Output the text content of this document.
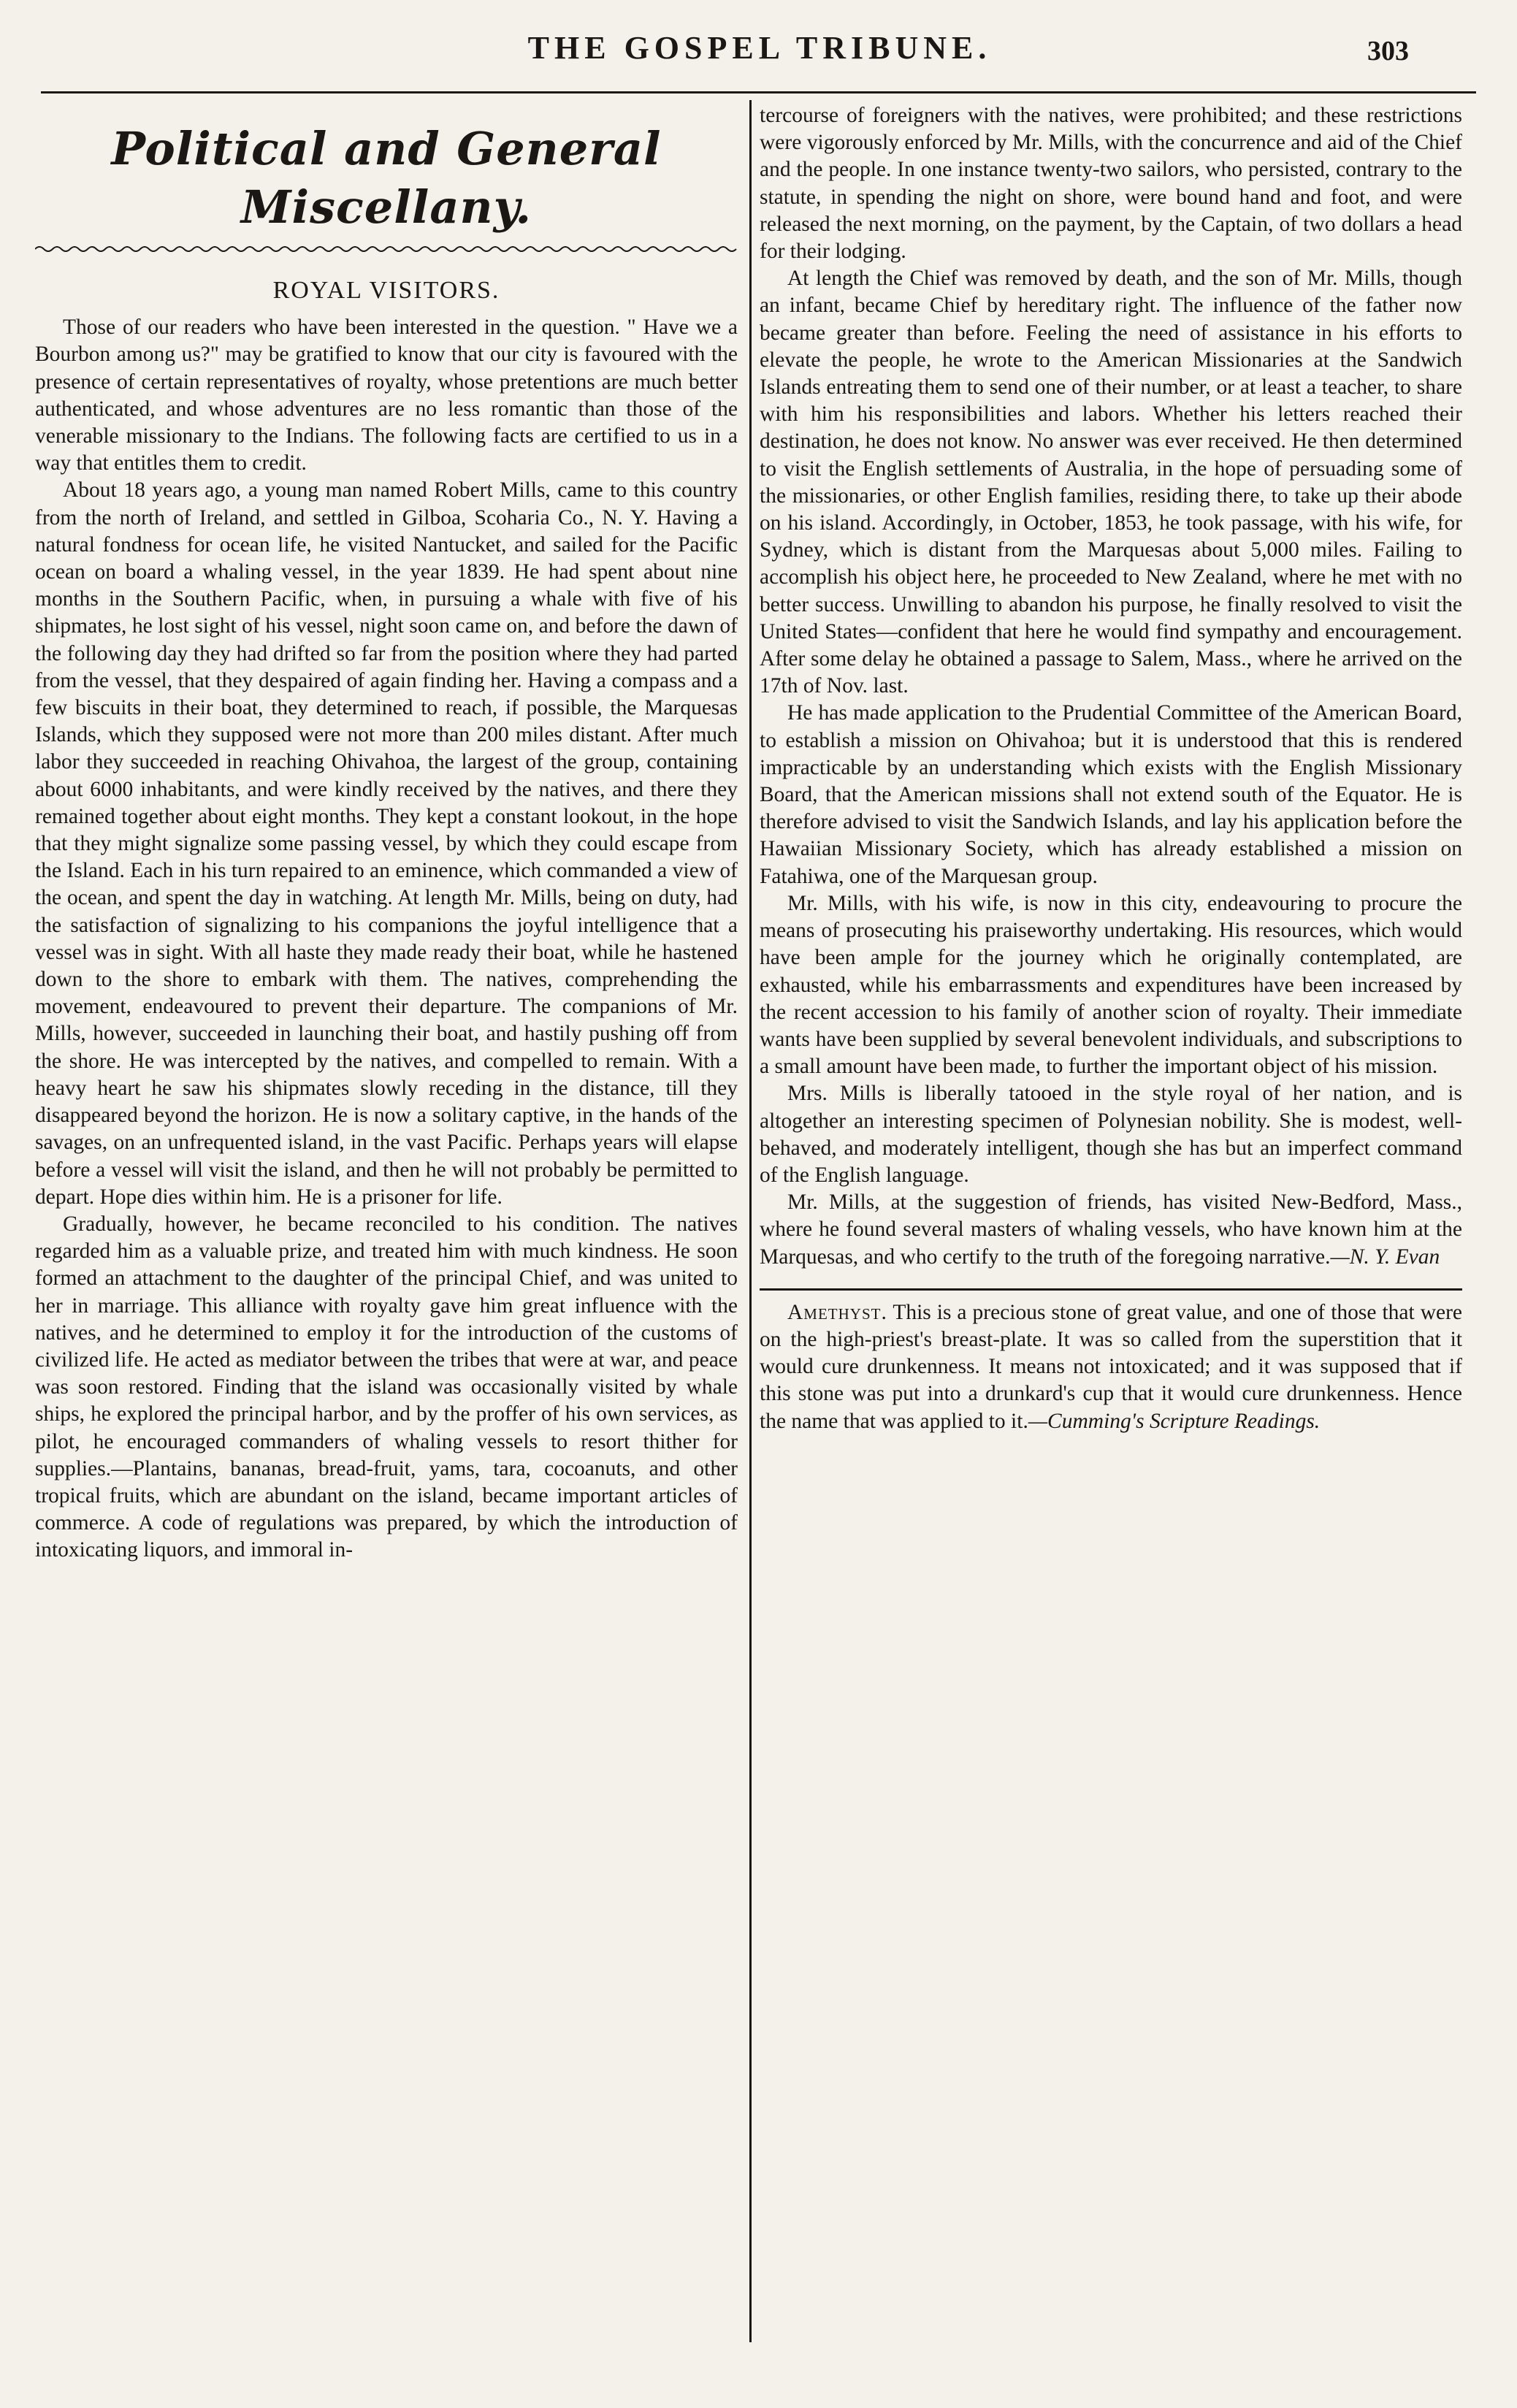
THE GOSPEL TRIBUNE.	303
Political and General Miscellany.
ROYAL VISITORS.

Those of our readers who have been interested in the question. " Have we a Bourbon among us?" may be gratified to know that our city is favoured with the presence of certain representatives of royalty, whose pretentions are much better authenticated, and whose adventures are no less romantic than those of the venerable missionary to the Indians. The following facts are certified to us in a way that entitles them to credit.

About 18 years ago, a young man named Robert Mills, came to this country from the north of Ireland, and settled in Gilboa, Scoharia Co., N. Y. Having a natural fondness for ocean life, he visited Nantucket, and sailed for the Pacific ocean on board a whaling vessel, in the year 1839. He had spent about nine months in the Southern Pacific, when, in pursuing a whale with five of his shipmates, he lost sight of his vessel, night soon came on, and before the dawn of the following day they had drifted so far from the position where they had parted from the vessel, that they despaired of again finding her. Having a compass and a few biscuits in their boat, they determined to reach, if possible, the Marquesas Islands, which they supposed were not more than 200 miles distant. After much labor they succeeded in reaching Ohivahoa, the largest of the group, containing about 6000 inhabitants, and were kindly received by the natives, and there they remained together about eight months. They kept a constant lookout, in the hope that they might signalize some passing vessel, by which they could escape from the Island. Each in his turn repaired to an eminence, which commanded a view of the ocean, and spent the day in watching. At length Mr. Mills, being on duty, had the satisfaction of signalizing to his companions the joyful intelligence that a vessel was in sight. With all haste they made ready their boat, while he hastened down to the shore to embark with them. The natives, comprehending the movement, endeavoured to prevent their departure. The companions of Mr. Mills, however, succeeded in launching their boat, and hastily pushing off from the shore. He was intercepted by the natives, and compelled to remain. With a heavy heart he saw his shipmates slowly receding in the distance, till they disappeared beyond the horizon. He is now a solitary captive, in the hands of the savages, on an unfrequented island, in the vast Pacific. Perhaps years will elapse before a vessel will visit the island, and then he will not probably be permitted to depart. Hope dies within him. He is a prisoner for life.

Gradually, however, he became reconciled to his condition. The natives regarded him as a valuable prize, and treated him with much kindness. He soon formed an attachment to the daughter of the principal Chief, and was united to her in marriage. This alliance with royalty gave him great influence with the natives, and he determined to employ it for the introduction of the customs of civilized life. He acted as mediator between the tribes that were at war, and peace was soon restored. Finding that the island was occasionally visited by whale ships, he explored the principal harbor, and by the proffer of his own services, as pilot, he encouraged commanders of whaling vessels to resort thither for supplies.—Plantains, bananas, bread-fruit, yams, tara, cocoanuts, and other tropical fruits, which are abundant on the island, became important articles of commerce. A code of regulations was prepared, by which the introduction of intoxicating liquors, and immoral in-

tercourse of foreigners with the natives, were prohibited; and these restrictions were vigorously enforced by Mr. Mills, with the concurrence and aid of the Chief and the people. In one instance twenty-two sailors, who persisted, contrary to the statute, in spending the night on shore, were bound hand and foot, and were released the next morning, on the payment, by the Captain, of two dollars a head for their lodging.

At length the Chief was removed by death, and the son of Mr. Mills, though an infant, became Chief by hereditary right. The influence of the father now became greater than before. Feeling the need of assistance in his efforts to elevate the people, he wrote to the American Missionaries at the Sandwich Islands entreating them to send one of their number, or at least a teacher, to share with him his responsibilities and labors. Whether his letters reached their destination, he does not know. No answer was ever received. He then determined to visit the English settlements of Australia, in the hope of persuading some of the missionaries, or other English families, residing there, to take up their abode on his island. Accordingly, in October, 1853, he took passage, with his wife, for Sydney, which is distant from the Marquesas about 5,000 miles. Failing to accomplish his object here, he proceeded to New Zealand, where he met with no better success. Unwilling to abandon his purpose, he finally resolved to visit the United States—confident that here he would find sympathy and encouragement. After some delay he obtained a passage to Salem, Mass., where he arrived on the 17th of Nov. last.

He has made application to the Prudential Committee of the American Board, to establish a mission on Ohivahoa; but it is understood that this is rendered impracticable by an understanding which exists with the English Missionary Board, that the American missions shall not extend south of the Equator. He is therefore advised to visit the Sandwich Islands, and lay his application before the Hawaiian Missionary Society, which has already established a mission on Fatahiwa, one of the Marquesan group.

Mr. Mills, with his wife, is now in this city, endeavouring to procure the means of prosecuting his praiseworthy undertaking. His resources, which would have been ample for the journey which he originally contemplated, are exhausted, while his embarrassments and expenditures have been increased by the recent accession to his family of another scion of royalty. Their immediate wants have been supplied by several benevolent individuals, and subscriptions to a small amount have been made, to further the important object of his mission.

Mrs. Mills is liberally tatooed in the style royal of her nation, and is altogether an interesting specimen of Polynesian nobility. She is modest, well-behaved, and moderately intelligent, though she has but an imperfect command of the English language.

Mr. Mills, at the suggestion of friends, has visited New-Bedford, Mass., where he found several masters of whaling vessels, who have known him at the Marquesas, and who certify to the truth of the foregoing narrative.—N. Y. Evan

Amethyst. This is a precious stone of great value, and one of those that were on the high-priest's breast-plate. It was so called from the superstition that it would cure drunkenness. It means not intoxicated; and it was supposed that if this stone was put into a drunkard's cup that it would cure drunkenness. Hence the name that was applied to it.—Cumming's Scripture Readings.
